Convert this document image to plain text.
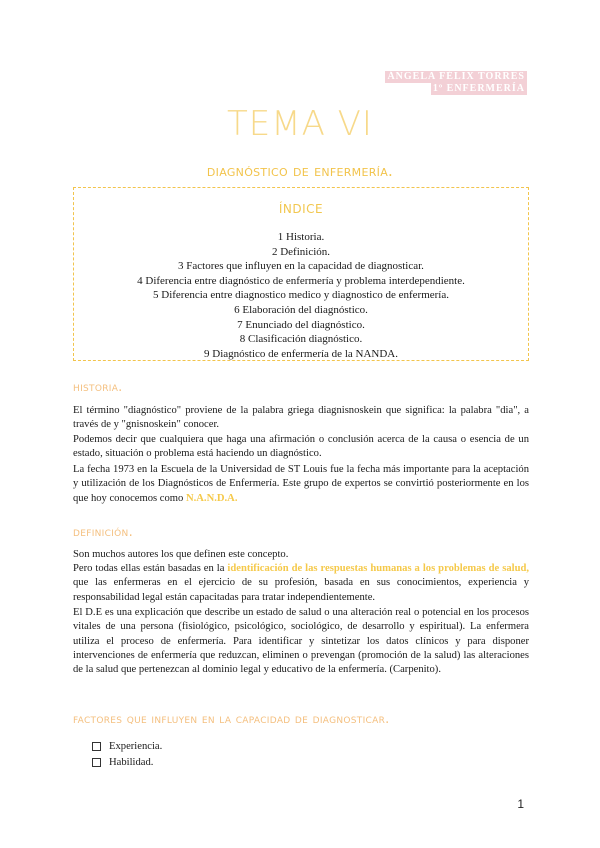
ÁNGELA FÉLIX TORRES
1º ENFERMERÍA
TEMA VI
diagnóstico de enfermería.
índice
1 Historia.
2 Definición.
3 Factores que influyen en la capacidad de diagnosticar.
4 Diferencia entre diagnóstico de enfermería y problema interdependiente.
5 Diferencia entre diagnostico medico y diagnostico de enfermería.
6 Elaboración del diagnóstico.
7 Enunciado del diagnóstico.
8 Clasificación diagnóstico.
9 Diagnóstico de enfermería de la NANDA.
historia.

El término "diagnóstico" proviene de la palabra griega diagnisnoskein que significa: la palabra "dia", a través de y "gnisnoskein" conocer.

Podemos decir que cualquiera que haga una afirmación o conclusión acerca de la causa o esencia de un estado, situación o problema está haciendo un diagnóstico.

La fecha 1973 en la Escuela de la Universidad de ST Louis fue la fecha más importante para la aceptación y utilización de los Diagnósticos de Enfermería. Este grupo de expertos se convirtió posteriormente en los que hoy conocemos como N.A.N.D.A.

definición.

Son muchos autores los que definen este concepto.

Pero todas ellas están basadas en la identificación de las respuestas humanas a los problemas de salud, que las enfermeras en el ejercicio de su profesión, basada en sus conocimientos, experiencia y responsabilidad legal están capacitadas para tratar independientemente.

El D.E es una explicación que describe un estado de salud o una alteración real o potencial en los procesos vitales de una persona (fisiológico, psicológico, sociológico, de desarrollo y espiritual). La enfermera utiliza el proceso de enfermería. Para identificar y sintetizar los datos clínicos y para disponer intervenciones de enfermería que reduzcan, eliminen o prevengan (promoción de la salud) las alteraciones de la salud que pertenezcan al dominio legal y educativo de la enfermería. (Carpenito).

factores que influyen en la capacidad de diagnosticar.
Experiencia.
Habilidad.
1
